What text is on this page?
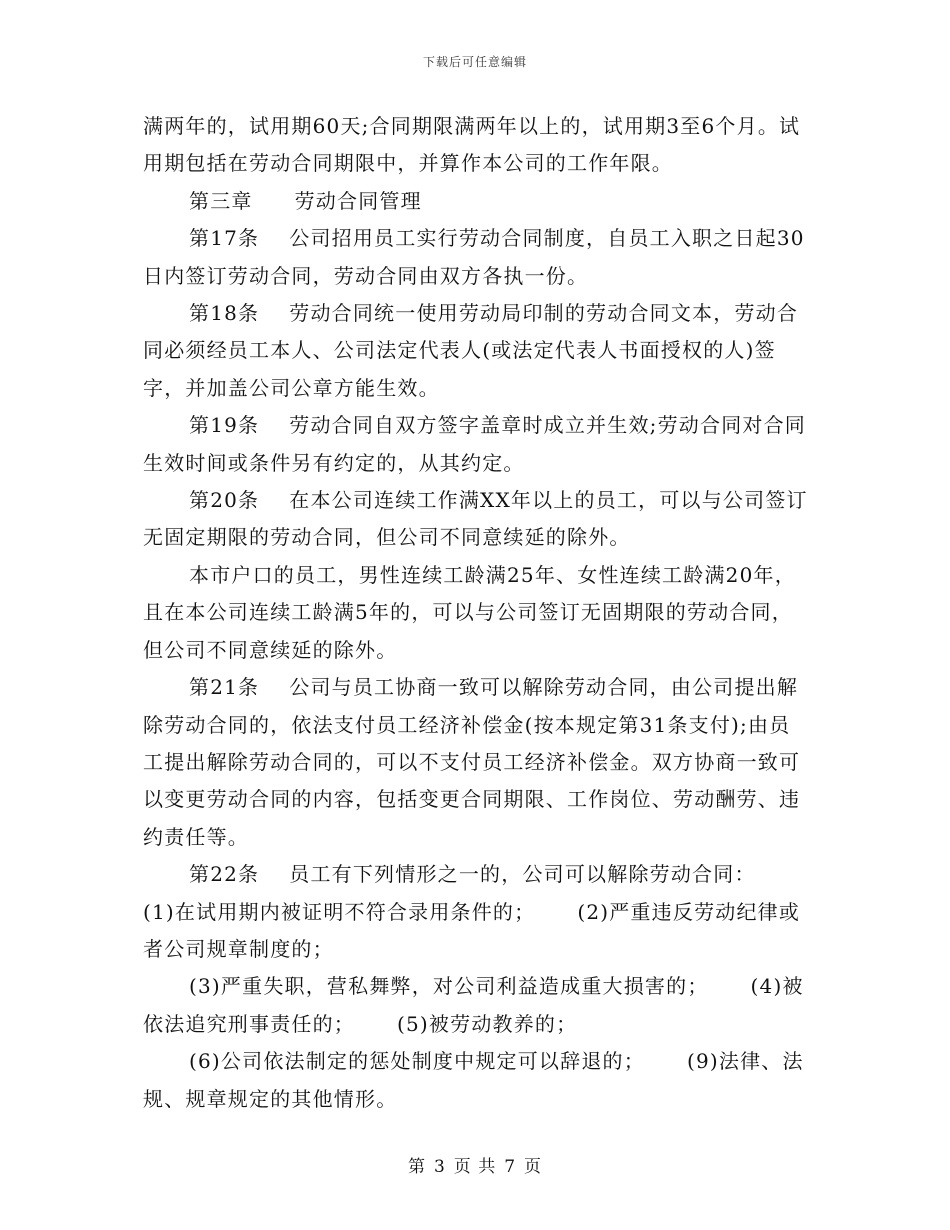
下载后可任意编辑

满两年的，试用期60天;合同期限满两年以上的，试用期3至6个月。试用期包括在劳动合同期限中，并算作本公司的工作年限。

第三章 劳动合同管理

第17条 公司招用员工实行劳动合同制度，自员工入职之日起30日内签订劳动合同，劳动合同由双方各执一份。

第18条 劳动合同统一使用劳动局印制的劳动合同文本，劳动合同必须经员工本人、公司法定代表人(或法定代表人书面授权的人)签字，并加盖公司公章方能生效。

第19条 劳动合同自双方签字盖章时成立并生效;劳动合同对合同生效时间或条件另有约定的，从其约定。

第20条 在本公司连续工作满XX年以上的员工，可以与公司签订无固定期限的劳动合同，但公司不同意续延的除外。

本市户口的员工，男性连续工龄满25年、女性连续工龄满20年，且在本公司连续工龄满5年的，可以与公司签订无固期限的劳动合同，但公司不同意续延的除外。

第21条 公司与员工协商一致可以解除劳动合同，由公司提出解除劳动合同的，依法支付员工经济补偿金(按本规定第31条支付);由员工提出解除劳动合同的，可以不支付员工经济补偿金。双方协商一致可以变更劳动合同的内容，包括变更合同期限、工作岗位、劳动酬劳、违约责任等。

第22条 员工有下列情形之一的，公司可以解除劳动合同：

(1)在试用期内被证明不符合录用条件的； (2)严重违反劳动纪律或者公司规章制度的；

(3)严重失职，营私舞弊，对公司利益造成重大损害的； (4)被依法追究刑事责任的； (5)被劳动教养的；

(6)公司依法制定的惩处制度中规定可以辞退的； (9)法律、法规、规章规定的其他情形。

第 3 页 共 7 页
